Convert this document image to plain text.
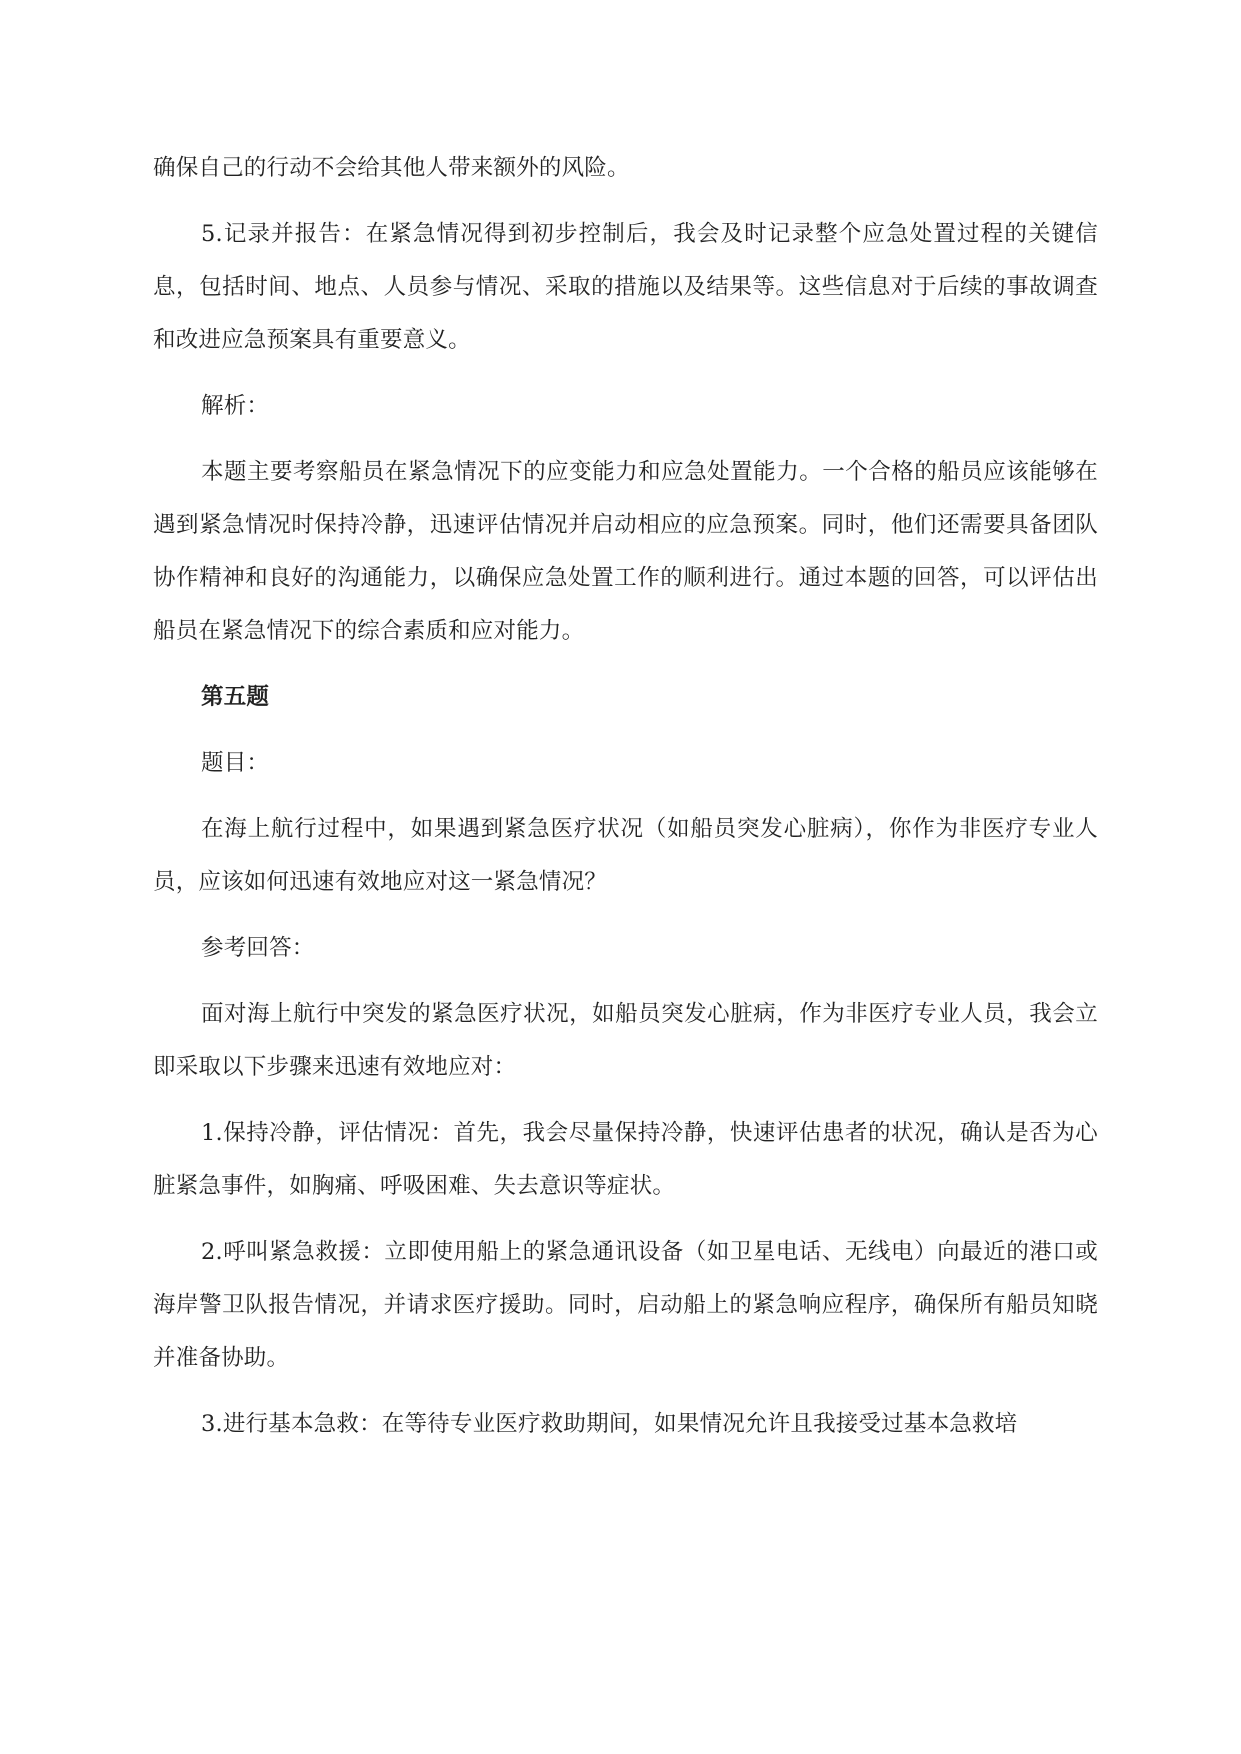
确保自己的行动不会给其他人带来额外的风险。

5.记录并报告：在紧急情况得到初步控制后，我会及时记录整个应急处置过程的关键信息，包括时间、地点、人员参与情况、采取的措施以及结果等。这些信息对于后续的事故调查和改进应急预案具有重要意义。

解析：

本题主要考察船员在紧急情况下的应变能力和应急处置能力。一个合格的船员应该能够在遇到紧急情况时保持冷静，迅速评估情况并启动相应的应急预案。同时，他们还需要具备团队协作精神和良好的沟通能力，以确保应急处置工作的顺利进行。通过本题的回答，可以评估出船员在紧急情况下的综合素质和应对能力。

第五题

题目：

在海上航行过程中，如果遇到紧急医疗状况（如船员突发心脏病），你作为非医疗专业人员，应该如何迅速有效地应对这一紧急情况？

参考回答：

面对海上航行中突发的紧急医疗状况，如船员突发心脏病，作为非医疗专业人员，我会立即采取以下步骤来迅速有效地应对：

1.保持冷静，评估情况：首先，我会尽量保持冷静，快速评估患者的状况，确认是否为心脏紧急事件，如胸痛、呼吸困难、失去意识等症状。

2.呼叫紧急救援：立即使用船上的紧急通讯设备（如卫星电话、无线电）向最近的港口或海岸警卫队报告情况，并请求医疗援助。同时，启动船上的紧急响应程序，确保所有船员知晓并准备协助。

3.进行基本急救：在等待专业医疗救助期间，如果情况允许且我接受过基本急救培
